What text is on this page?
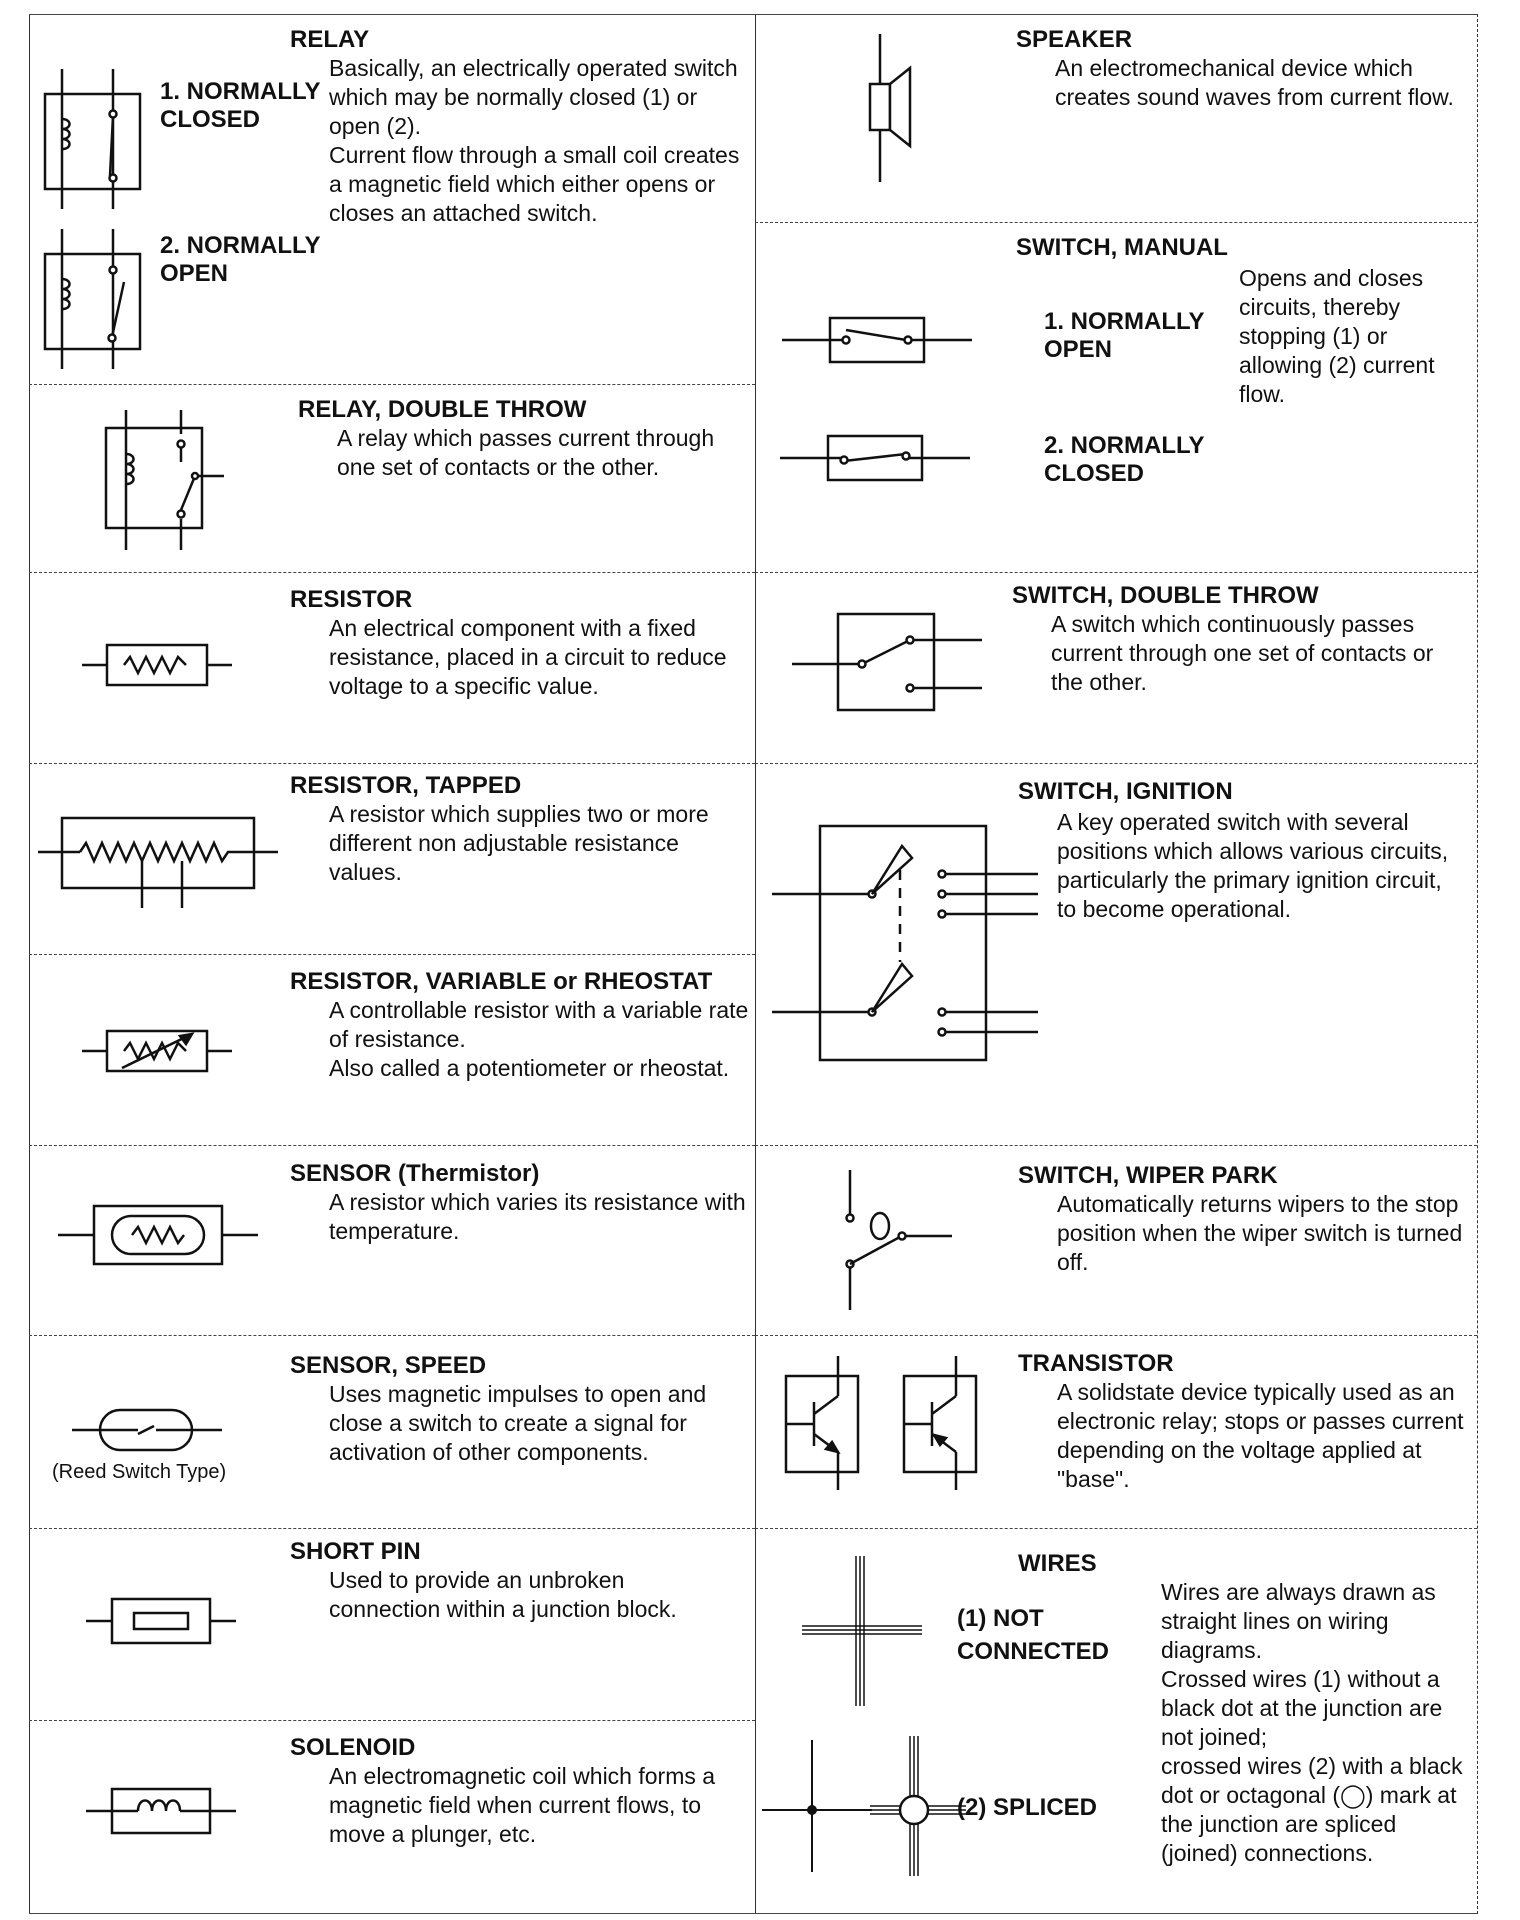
RELAY
1. NORMALLY
CLOSED
Basically, an electrically operated switch which may be normally closed (1) or open (2).
Current flow through a small coil creates a magnetic field which either opens or closes an attached switch.
2. NORMALLY
OPEN
RELAY, DOUBLE THROW
A relay which passes current through one set of contacts or the other.
RESISTOR
An electrical component with a fixed resistance, placed in a circuit to reduce voltage to a specific value.
RESISTOR, TAPPED
A resistor which supplies two or more different non adjustable resistance values.
RESISTOR, VARIABLE or RHEOSTAT
A controllable resistor with a variable rate of resistance.
Also called a potentiometer or rheostat.
SENSOR (Thermistor)
A resistor which varies its resistance with temperature.
SENSOR, SPEED
Uses magnetic impulses to open and close a switch to create a signal for activation of other components.
(Reed Switch Type)
SHORT PIN
Used to provide an unbroken connection within a junction block.
SOLENOID
An electromagnetic coil which forms a magnetic field when current flows, to move a plunger, etc.
SPEAKER
An electromechanical device which creates sound waves from current flow.
SWITCH, MANUAL
Opens and closes circuits, thereby stopping (1) or allowing (2) current flow.
1. NORMALLY
OPEN
2. NORMALLY
CLOSED
SWITCH, DOUBLE THROW
A switch which continuously passes current through one set of contacts or the other.
SWITCH, IGNITION
A key operated switch with several positions which allows various circuits, particularly the primary ignition circuit, to become operational.
SWITCH, WIPER PARK
Automatically returns wipers to the stop position when the wiper switch is turned off.
TRANSISTOR
A solidstate device typically used as an electronic relay; stops or passes current depending on the voltage applied at "base".
WIRES
(1) NOT
CONNECTED
(2) SPLICED
Wires are always drawn as straight lines on wiring diagrams.
Crossed wires (1) without a black dot at the junction are not joined;
crossed wires (2) with a black dot or octagonal (◯) mark at the junction are spliced (joined) connections.
